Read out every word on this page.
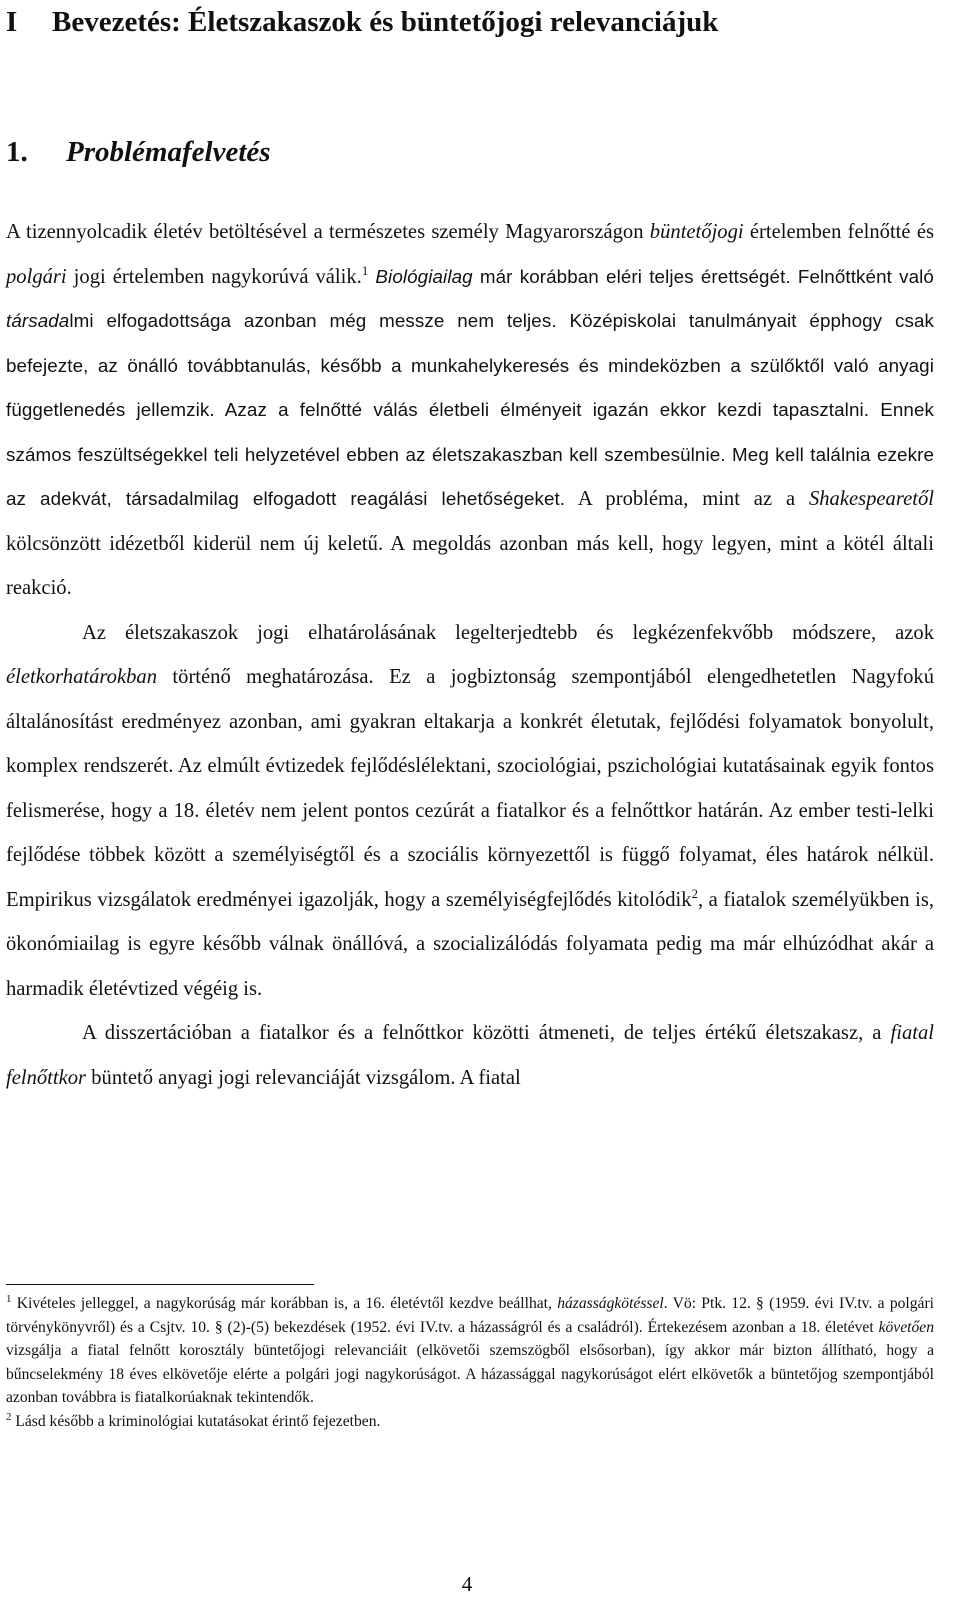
I Bevezetés: Életszakaszok és büntetőjogi relevanciájuk
1. Problémafelvetés

A tizennyolcadik életév betöltésével a természetes személy Magyarországon büntetőjogi értelemben felnőtté és polgári jogi értelemben nagykorúvá válik.$^1$ Biológiailag már korábban eléri teljes érettségét. Felnőttként való társadalmi elfogadottsága azonban még messze nem teljes. Középiskolai tanulmányait épphogy csak befejezte, az önálló továbbtanulás, később a munkahelykeresés és mindeközben a szülőktől való anyagi függetlenedés jellemzik. Azaz a felnőtté válás életbeli élményeit igazán ekkor kezdi tapasztalni. Ennek számos feszültségekkel teli helyzetével ebben az életszakaszban kell szembesülnie. Meg kell találnia ezekre az adekvát, társadalmilag elfogadott reagálási lehetőségeket. A probléma, mint az a Shakespearetől kölcsönzött idézetből kiderül nem új keletű. A megoldás azonban más kell, hogy legyen, mint a kötél általi reakció.

Az életszakaszok jogi elhatárolásának legelterjedtebb és legkézenfekvőbb módszere, azok életkorhatárokban történő meghatározása. Ez a jogbiztonság szempontjából elengedhetetlen Nagyfokú általánosítást eredményez azonban, ami gyakran eltakarja a konkrét életutak, fejlődési folyamatok bonyolult, komplex rendszerét. Az elmúlt évtizedek fejlődéslélektani, szociológiai, pszichológiai kutatásainak egyik fontos felismerése, hogy a 18. életév nem jelent pontos cezúrát a fiatalkor és a felnőttkor határán. Az ember testi-lelki fejlődése többek között a személyiségtől és a szociális környezettől is függő folyamat, éles határok nélkül. Empirikus vizsgálatok eredményei igazolják, hogy a személyiségfejlődés kitolódik$^2$, a fiatalok személyükben is, ökonómiailag is egyre később válnak önállóvá, a szocializálódás folyamata pedig ma már elhúzódhat akár a harmadik életévtized végéig is.

A disszertációban a fiatalkor és a felnőttkor közötti átmeneti, de teljes értékű életszakasz, a fiatal felnőttkor büntető anyagi jogi relevanciáját vizsgálom. A fiatal

$^1$ Kivételes jelleggel, a nagykorúság már korábban is, a 16. életévtől kezdve beállhat, házasságkötéssel. Vö: Ptk. 12. § (1959. évi IV.tv. a polgári törvénykönyvről) és a Csjtv. 10. § (2)-(5) bekezdések (1952. évi IV.tv. a házasságról és a családról). Értekezésem azonban a 18. életévet követően vizsgálja a fiatal felnőtt korosztály büntetőjogi relevanciáit (elkövetői szemszögből elsősorban), így akkor már bizton állítható, hogy a bűncselekmény 18 éves elkövetője elérte a polgári jogi nagykorúságot. A házassággal nagykorúságot elért elkövetők a büntetőjog szempontjából azonban továbbra is fiatalkorúaknak tekintendők.

$^2$ Lásd később a kriminológiai kutatásokat érintő fejezetben.

4
